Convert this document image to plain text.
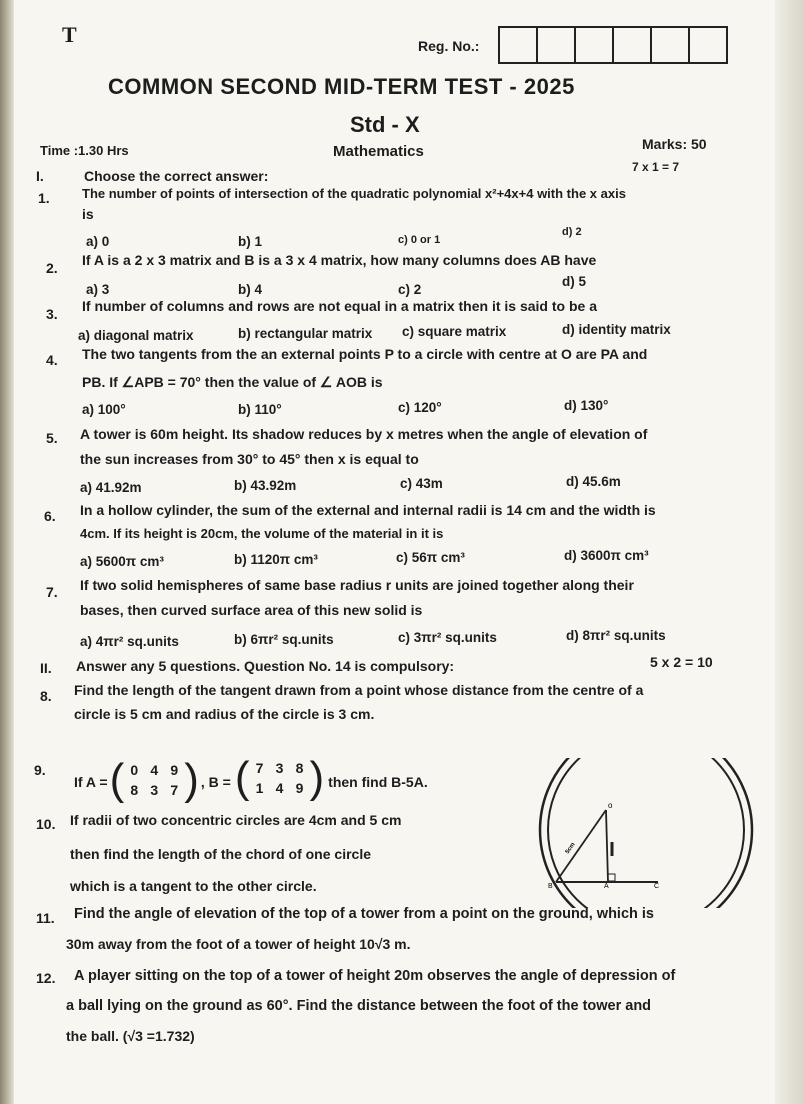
T	Reg. No.:
COMMON SECOND MID-TERM TEST - 2025
Std - X
Time :1.30 Hrs	Mathematics	Marks: 50
7 x 1 = 7
I.	Choose the correct answer:
1. The number of points of intersection of the quadratic polynomial x²+4x+4 with the x axis
is
a) 0	b) 1	c) 0 or 1
d) 2
2. If A is a 2 x 3 matrix and B is a 3 x 4 matrix, how many columns does AB have
a) 3	b) 4	c) 2
d) 5
3. If number of columns and rows are not equal in a matrix then it is said to be a
a) diagonal matrix	b) rectangular matrix c) square matrix	d) identity matrix
4. The two tangents from the an external points P to a circle with centre at O are PA and
PB. If ∠APB = 70° then the value of ∠ AOB is
a) 100°	b) 110°	c) 120°	d) 130°
5. A tower is 60m height. Its shadow reduces by x metres when the angle of elevation of
the sun increases from 30° to 45° then x is equal to
a) 41.92m	b) 43.92m	c) 43m	d) 45.6m
6. In a hollow cylinder, the sum of the external and internal radii is 14 cm and the width is
4cm. If its height is 20cm, the volume of the material in it is
a) 5600π cm³	b) 1120π cm³	c) 56π cm³	d) 3600π cm³
7. If two solid hemispheres of same base radius r units are joined together along their
bases, then curved surface area of this new solid is
a) 4πr² sq.units	b) 6πr² sq.units	c) 3πr² sq.units	d) 8πr² sq.units
II. Answer any 5 questions. Question No. 14 is compulsory:	5 x 2 = 10
8. Find the length of the tangent drawn from a point whose distance from the centre of a
circle is 5 cm and radius of the circle is 3 cm.
9.
If A = ( 0 4 9
8 3 7 ) , B = ( 7 3 8
1 4 9 ) then find B-5A.
10. If radii of two concentric circles are 4cm and 5 cm
then find the length of the chord of one circle
which is a tangent to the other circle.
o
B	A	C
5cm
11. Find the angle of elevation of the top of a tower from a point on the ground, which is
30m away from the foot of a tower of height 10√3 m.
12. A player sitting on the top of a tower of height 20m observes the angle of depression of
a ball lying on the ground as 60°. Find the distance between the foot of the tower and
the ball. (√3 =1.732)
